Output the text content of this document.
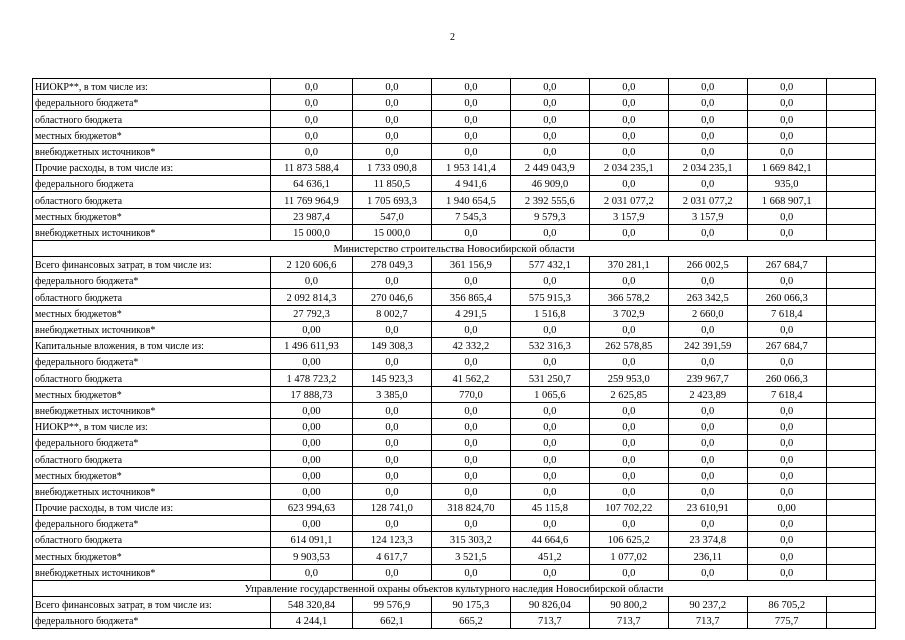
2
НИОКР**, в том числе из:	0,0	0,0	0,0	0,0	0,0	0,0	0,0	
федерального бюджета*	0,0	0,0	0,0	0,0	0,0	0,0	0,0	
областного бюджета	0,0	0,0	0,0	0,0	0,0	0,0	0,0	
местных бюджетов*	0,0	0,0	0,0	0,0	0,0	0,0	0,0	
внебюджетных источников*	0,0	0,0	0,0	0,0	0,0	0,0	0,0	
Прочие расходы, в том числе из:	11 873 588,4	1 733 090,8	1 953 141,4	2 449 043,9	2 034 235,1	2 034 235,1	1 669 842,1	
федерального бюджета	64 636,1	11 850,5	4 941,6	46 909,0	0,0	0,0	935,0	
областного бюджета	11 769 964,9	1 705 693,3	1 940 654,5	2 392 555,6	2 031 077,2	2 031 077,2	1 668 907,1	
местных бюджетов*	23 987,4	547,0	7 545,3	9 579,3	3 157,9	3 157,9	0,0	
внебюджетных источников*	15 000,0	15 000,0	0,0	0,0	0,0	0,0	0,0	
Министерство строительства Новосибирской области								
Всего финансовых затрат, в том числе из:	2 120 606,6	278 049,3	361 156,9	577 432,1	370 281,1	266 002,5	267 684,7	
федерального бюджета*	0,0	0,0	0,0	0,0	0,0	0,0	0,0	
областного бюджета	2 092 814,3	270 046,6	356 865,4	575 915,3	366 578,2	263 342,5	260 066,3	
местных бюджетов*	27 792,3	8 002,7	4 291,5	1 516,8	3 702,9	2 660,0	7 618,4	
внебюджетных источников*	0,00	0,0	0,0	0,0	0,0	0,0	0,0	
Капитальные вложения, в том числе из:	1 496 611,93	149 308,3	42 332,2	532 316,3	262 578,85	242 391,59	267 684,7	
федерального бюджета*	0,00	0,0	0,0	0,0	0,0	0,0	0,0	
областного бюджета	1 478 723,2	145 923,3	41 562,2	531 250,7	259 953,0	239 967,7	260 066,3	
местных бюджетов*	17 888,73	3 385,0	770,0	1 065,6	2 625,85	2 423,89	7 618,4	
внебюджетных источников*	0,00	0,0	0,0	0,0	0,0	0,0	0,0	
НИОКР**, в том числе из:	0,00	0,0	0,0	0,0	0,0	0,0	0,0	
федерального бюджета*	0,00	0,0	0,0	0,0	0,0	0,0	0,0	
областного бюджета	0,00	0,0	0,0	0,0	0,0	0,0	0,0	
местных бюджетов*	0,00	0,0	0,0	0,0	0,0	0,0	0,0	
внебюджетных источников*	0,00	0,0	0,0	0,0	0,0	0,0	0,0	
Прочие расходы, в том числе из:	623 994,63	128 741,0	318 824,70	45 115,8	107 702,22	23 610,91	0,00	
федерального бюджета*	0,00	0,0	0,0	0,0	0,0	0,0	0,0	
областного бюджета	614 091,1	124 123,3	315 303,2	44 664,6	106 625,2	23 374,8	0,0	
местных бюджетов*	9 903,53	4 617,7	3 521,5	451,2	1 077,02	236,11	0,0	
внебюджетных источников*	0,0	0,0	0,0	0,0	0,0	0,0	0,0	
Управление государственной охраны объектов культурного наследия Новосибирской области								
Всего финансовых затрат, в том числе из:	548 320,84	99 576,9	90 175,3	90 826,04	90 800,2	90 237,2	86 705,2	
федерального бюджета*	4 244,1	662,1	665,2	713,7	713,7	713,7	775,7	
